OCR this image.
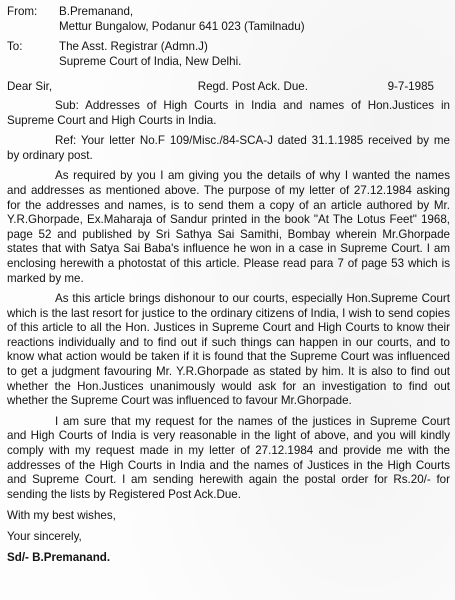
From:	B.Premanand,
Mettur Bungalow, Podanur 641 023 (Tamilnadu)
To:	The Asst. Registrar (Admn.J)
Supreme Court of India, New Delhi.
Dear Sir,	Regd. Post Ack. Due.	9-7-1985

Sub: Addresses of High Courts in India and names of Hon.Justices in Supreme Court and High Courts in India.

Ref: Your letter No.F 109/Misc./84-SCA-J dated 31.1.1985 received by me by ordinary post.

As required by you I am giving you the details of why I wanted the names and addresses as mentioned above. The purpose of my letter of 27.12.1984 asking for the addresses and names, is to send them a copy of an article authored by Mr. Y.R.Ghorpade, Ex.Maharaja of Sandur printed in the book "At The Lotus Feet" 1968, page 52 and published by Sri Sathya Sai Samithi, Bombay wherein Mr.Ghorpade states that with Satya Sai Baba's influence he won in a case in Supreme Court. I am enclosing herewith a photostat of this article. Please read para 7 of page 53 which is marked by me.

As this article brings dishonour to our courts, especially Hon.Supreme Court which is the last resort for justice to the ordinary citizens of India, I wish to send copies of this article to all the Hon. Justices in Supreme Court and High Courts to know their reactions individually and to find out if such things can happen in our courts, and to know what action would be taken if it is found that the Supreme Court was influenced to get a judgment favouring Mr. Y.R.Ghorpade as stated by him. It is also to find out whether the Hon.Justices unanimously would ask for an investigation to find out whether the Supreme Court was influenced to favour Mr.Ghorpade.

I am sure that my request for the names of the justices in Supreme Court and High Courts of India is very reasonable in the light of above, and you will kindly comply with my request made in my letter of 27.12.1984 and provide me with the addresses of the High Courts in India and the names of Justices in the High Courts and Supreme Court. I am sending herewith again the postal order for Rs.20/- for sending the lists by Registered Post Ack.Due.

With my best wishes,
Your sincerely,
Sd/- B.Premanand.
